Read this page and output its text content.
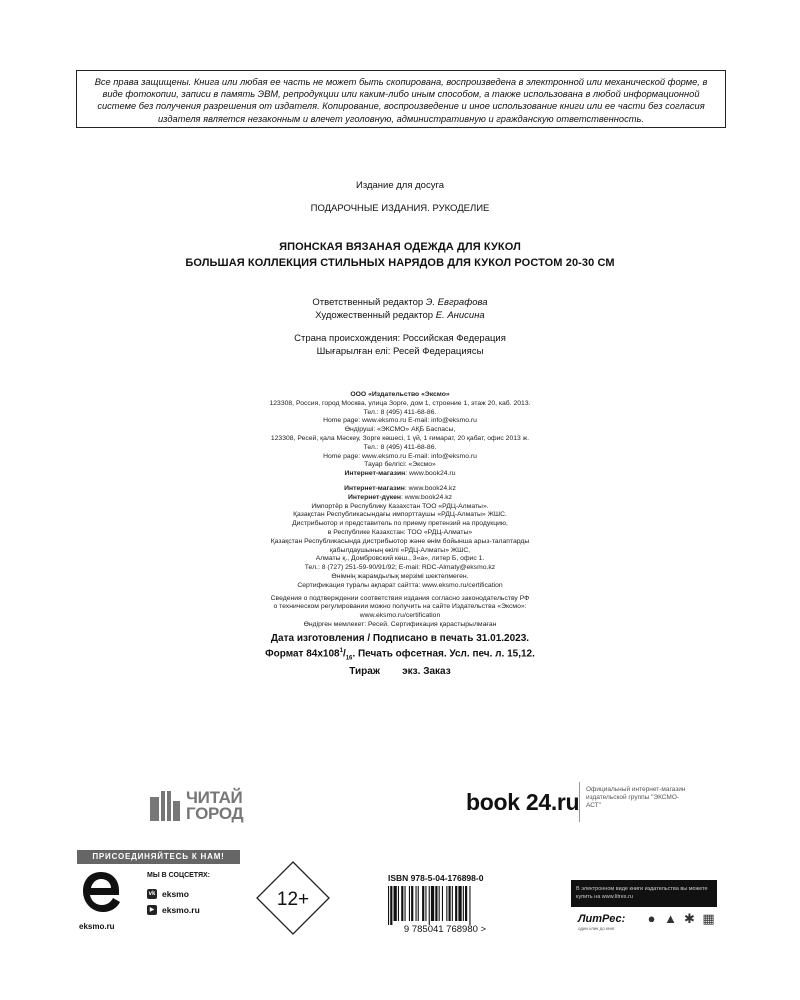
Все права защищены. Книга или любая ее часть не может быть скопирована, воспроизведена в электронной или механической форме, в виде фотокопии, записи в память ЭВМ, репродукции или каким-либо иным способом, а также использована в любой информационной системе без получения разрешения от издателя. Копирование, воспроизведение и иное использование книги или ее части без согласия издателя является незаконным и влечет уголовную, административную и гражданскую ответственность.
Издание для досуга
ПОДАРОЧНЫЕ ИЗДАНИЯ. РУКОДЕЛИЕ
ЯПОНСКАЯ ВЯЗАНАЯ ОДЕЖДА ДЛЯ КУКОЛ
БОЛЬШАЯ КОЛЛЕКЦИЯ СТИЛЬНЫХ НАРЯДОВ ДЛЯ КУКОЛ РОСТОМ 20-30 СМ
Ответственный редактор Э. Евграфова
Художественный редактор Е. Анисина
Страна происхождения: Российская Федерация
Шығарылған елі: Ресей Федерациясы
ООО «Издательство «Эксмо»
123308, Россия, город Москва, улица Зорге, дом 1, строение 1, этаж 20, каб. 2013.
Тел.: 8 (495) 411-68-86.
Home page: www.eksmo.ru E-mail: info@eksmo.ru
Өндіруші: «ЭКСМО» АҚБ Баспасы,
123308, Ресей, қала Мәскеу, Зорге көшесі, 1 үй, 1 ғимарат, 20 қабат, офис 2013 ж.
Тел.: 8 (495) 411-68-86.
Home page: www.eksmo.ru E-mail: info@eksmo.ru
Тауар белгісі: «Эксмо»
Интернет-магазин: www.book24.ru
Интернет-магазин: www.book24.kz
Интернет-дүкен: www.book24.kz
Импортёр в Республику Казахстан ТОО «РДЦ-Алматы».
Қазақстан Республикасындағы импорттаушы «РДЦ-Алматы» ЖШС.
Дистрибьютор и представитель по приему претензий на продукцию,
в Республике Казахстан: ТОО «РДЦ-Алматы»
Қазақстан Республикасында дистрибьютор және өнім бойынша арыз-талаптарды
қабылдаушының өкілі «РДЦ-Алматы» ЖШС,
Алматы қ., Домбровский көш., 3«а», литер Б, офис 1.
Тел.: 8 (727) 251-59-90/91/92; E-mail: RDC-Almaty@eksmo.kz
Өнімнің жарамдылық мерзімі шектелмеген.
Сертификация туралы ақпарат сайтта: www.eksmo.ru/certification
Сведения о подтверждении соответствия издания согласно законодательству РФ
о техническом регулировании можно получить на сайте Издательства «Эксмо»:
www.eksmo.ru/certification
Өндірген мемлекет: Ресей. Сертификация қарастырылмаған
Дата изготовления / Подписано в печать 31.01.2023.
Формат $84x108^1/_{16}$. Печать офсетная. Усл. печ. л. 15,12.
Тираж экз. Заказ
ЧИТАЙ
ГОРОД	book 24.ru Официальный интернет-магазин издательской группы "ЭКСМО-АСТ"
ПРИСОЕДИНЯЙТЕСЬ К НАМ!
eksmo.ru
МЫ В СОЦСЕТЯХ:
vk eksmo
▶ eksmo.ru	12+
ISBN 978-5-04-176898-0
9 785041 768980 >
В электронном виде книги издательства вы можете купить на www.litres.ru
ЛитРес:
один клик до книг
● ▲ ✱ ▦
